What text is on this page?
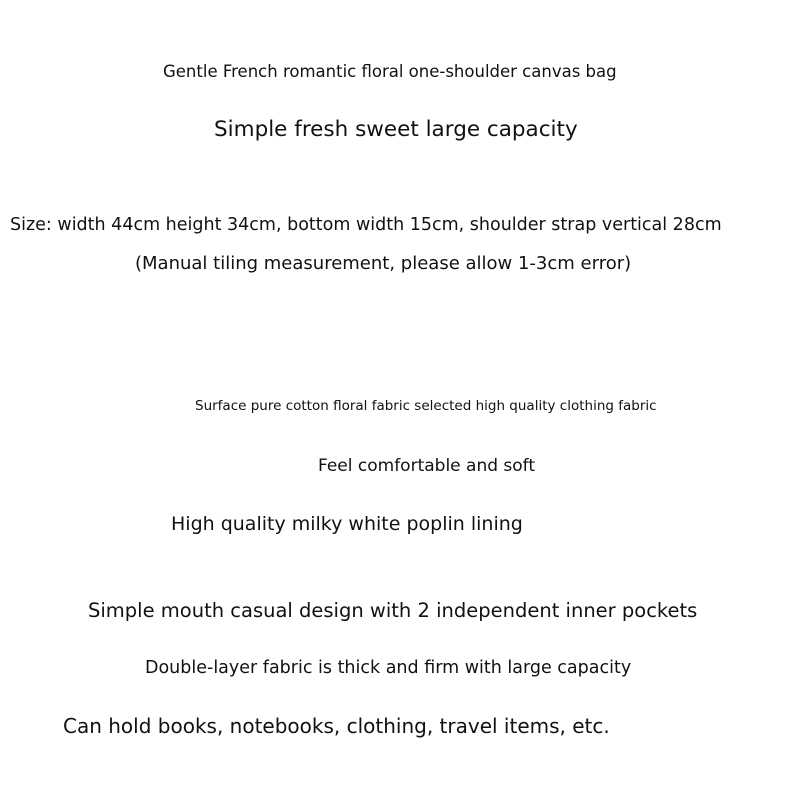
Gentle French romantic floral one-shoulder canvas bag
Simple fresh sweet large capacity
Size: width 44cm height 34cm, bottom width 15cm, shoulder strap vertical 28cm
(Manual tiling measurement, please allow 1-3cm error)
Surface pure cotton floral fabric selected high quality clothing fabric
Feel comfortable and soft
High quality milky white poplin lining
Simple mouth casual design with 2 independent inner pockets
Double-layer fabric is thick and firm with large capacity
Can hold books, notebooks, clothing, travel items, etc.
